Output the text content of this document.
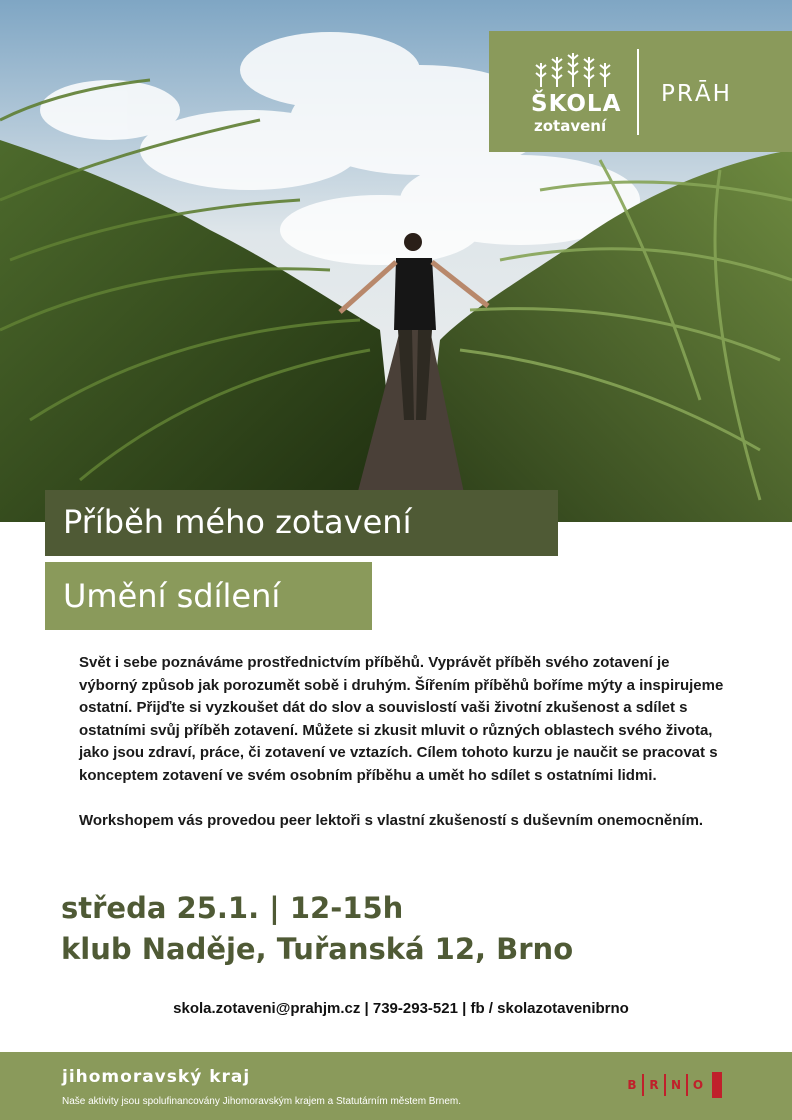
ŠKOLA
zotavení
PRĀH
Příběh mého zotavení
Umění sdílení

Svět i sebe poznáváme prostřednictvím příběhů. Vyprávět příběh svého zotavení je výborný způsob jak porozumět sobě i druhým. Šířením příběhů boříme mýty a inspirujeme ostatní. Přijďte si vyzkoušet dát do slov a souvislostí vaši životní zkušenost a sdílet s ostatními svůj příběh zotavení. Můžete si zkusit mluvit o různých oblastech svého života, jako jsou zdraví, práce, či zotavení ve vztazích. Cílem tohoto kurzu je naučit se pracovat s konceptem zotavení ve svém osobním příběhu a umět ho sdílet s ostatními lidmi.

Workshopem vás provedou peer lektoři s vlastní zkušeností s duševním onemocněním.

středa 25.1. | 12-15h
klub Naděje, Tuřanská 12, Brno
skola.zotaveni@prahjm.cz | 739-293-521 | fb / skolazotavenibrno
jihomoravský kraj
Naše aktivity jsou spolufinancovány Jihomoravským krajem a Statutárním městem Brnem.
B	R	N O
